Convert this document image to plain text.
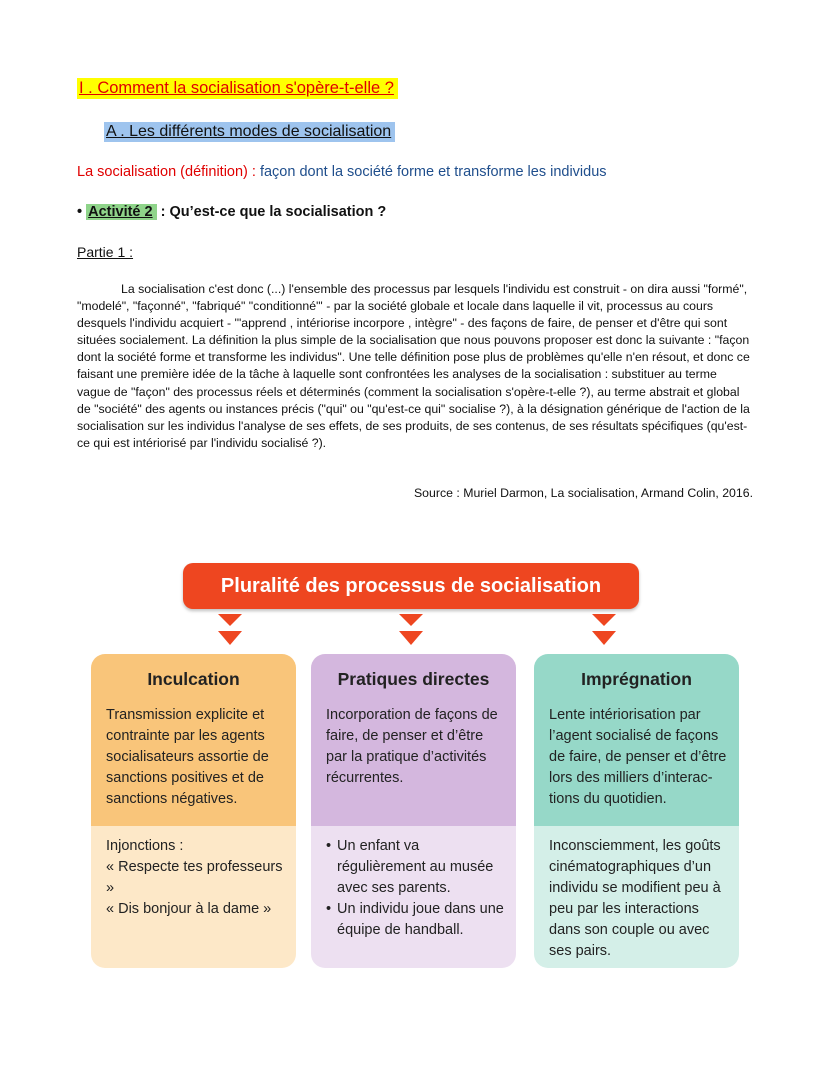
I . Comment la socialisation s'opère-t-elle ?
A . Les différents modes de socialisation
La socialisation (définition) : façon dont la société forme et transforme les individus
• Activité 2 : Qu’est-ce que la socialisation ?
Partie 1 :

La socialisation c'est donc (...) l'ensemble des processus par lesquels l'individu est construit - on dira aussi "formé", "modelé", "façonné", "fabriqué" "conditionné"' - par la société globale et locale dans laquelle il vit, processus au cours desquels l'individu acquiert - '"apprend , intériorise incorpore , intègre" - des façons de faire, de penser et d'être qui sont situées socialement. La définition la plus simple de la socialisation que nous pouvons proposer est donc la suivante : "façon dont la société forme et transforme les individus". Une telle définition pose plus de problèmes qu'elle n'en résout, et donc ce faisant une première idée de la tâche à laquelle sont confrontées les analyses de la socialisation : substituer au terme vague de "façon" des processus réels et déterminés (comment la socialisation s'opère-t-elle ?), au terme abstrait et global de "société" des agents ou instances précis ("qui" ou "qu'est-ce qui" socialise ?), à la désignation générique de l'action de la socialisation sur les individus l'analyse de ses effets, de ses produits, de ses contenus, de ses résultats spécifiques (qu'est-ce qui est intériorisé par l'individu socialisé ?).

Source : Muriel Darmon, La socialisation, Armand Colin, 2016.
Pluralité des processus de socialisation
Inculcation

Transmission explicite et contrainte par les agents socialisateurs assortie de sanctions positives et de sanctions négatives.

Injonctions :
« Respecte tes professeurs »
« Dis bonjour à la dame »
Pratiques directes

Incorporation de façons de faire, de penser et d’être par la pratique d’activités récurrentes.

• Un enfant va régulièrement au musée avec ses parents.
• Un individu joue dans une équipe de handball.
Imprégnation

Lente intériorisation par l’agent socialisé de façons de faire, de penser et d’être lors des milliers d’interac-tions du quotidien.

Inconsciemment, les goûts cinématographiques d’un individu se modifient peu à peu par les interactions dans son couple ou avec ses pairs.
